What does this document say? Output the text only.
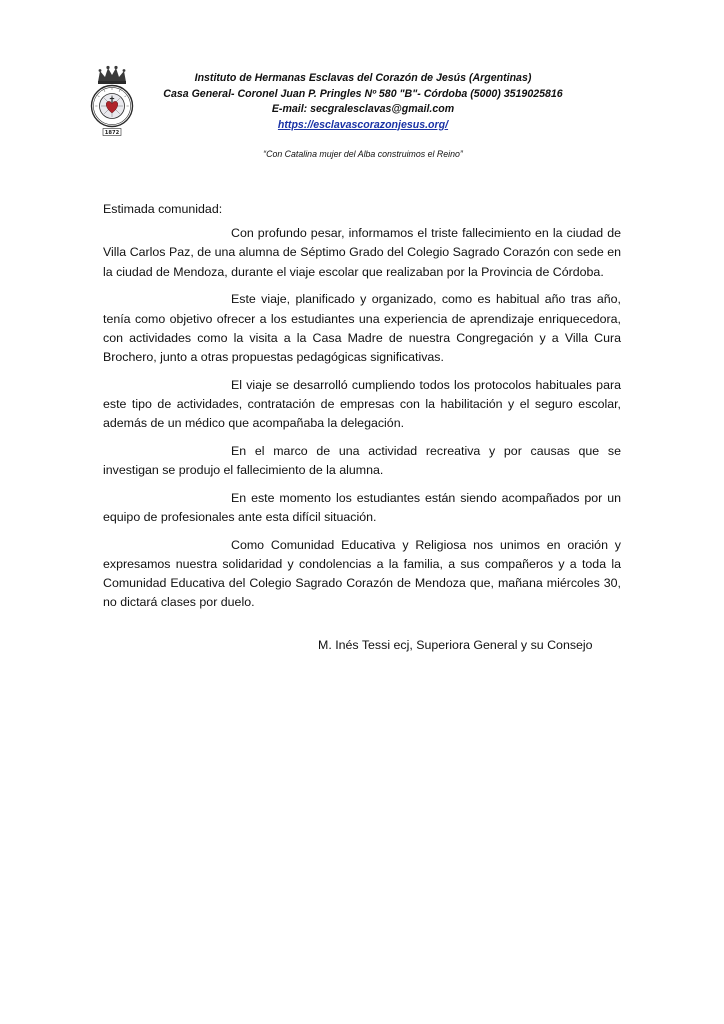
1872
Instituto de Hermanas Esclavas del Corazón de Jesús (Argentinas)
Casa General- Coronel Juan P. Pringles Nº 580 "B"- Córdoba (5000) 3519025816
E-mail: secgralesclavas@gmail.com
https://esclavascorazonjesus.org/
“Con Catalina mujer del Alba construimos el Reino”

Estimada comunidad:

Con profundo pesar, informamos el triste fallecimiento en la ciudad de Villa Carlos Paz, de una alumna de Séptimo Grado del Colegio Sagrado Corazón con sede en la ciudad de Mendoza, durante el viaje escolar que realizaban por la Provincia de Córdoba.

Este viaje, planificado y organizado, como es habitual año tras año, tenía como objetivo ofrecer a los estudiantes una experiencia de aprendizaje enriquecedora, con actividades como la visita a la Casa Madre de nuestra Congregación y a Villa Cura Brochero, junto a otras propuestas pedagógicas significativas.

El viaje se desarrolló cumpliendo todos los protocolos habituales para este tipo de actividades, contratación de empresas con la habilitación y el seguro escolar, además de un médico que acompañaba la delegación.

En el marco de una actividad recreativa y por causas que se investigan se produjo el fallecimiento de la alumna.

En este momento los estudiantes están siendo acompañados por un equipo de profesionales ante esta difícil situación.

Como Comunidad Educativa y Religiosa nos unimos en oración y expresamos nuestra solidaridad y condolencias a la familia, a sus compañeros y a toda la Comunidad Educativa del Colegio Sagrado Corazón de Mendoza que, mañana miércoles 30, no dictará clases por duelo.

M. Inés Tessi ecj, Superiora General y su Consejo
